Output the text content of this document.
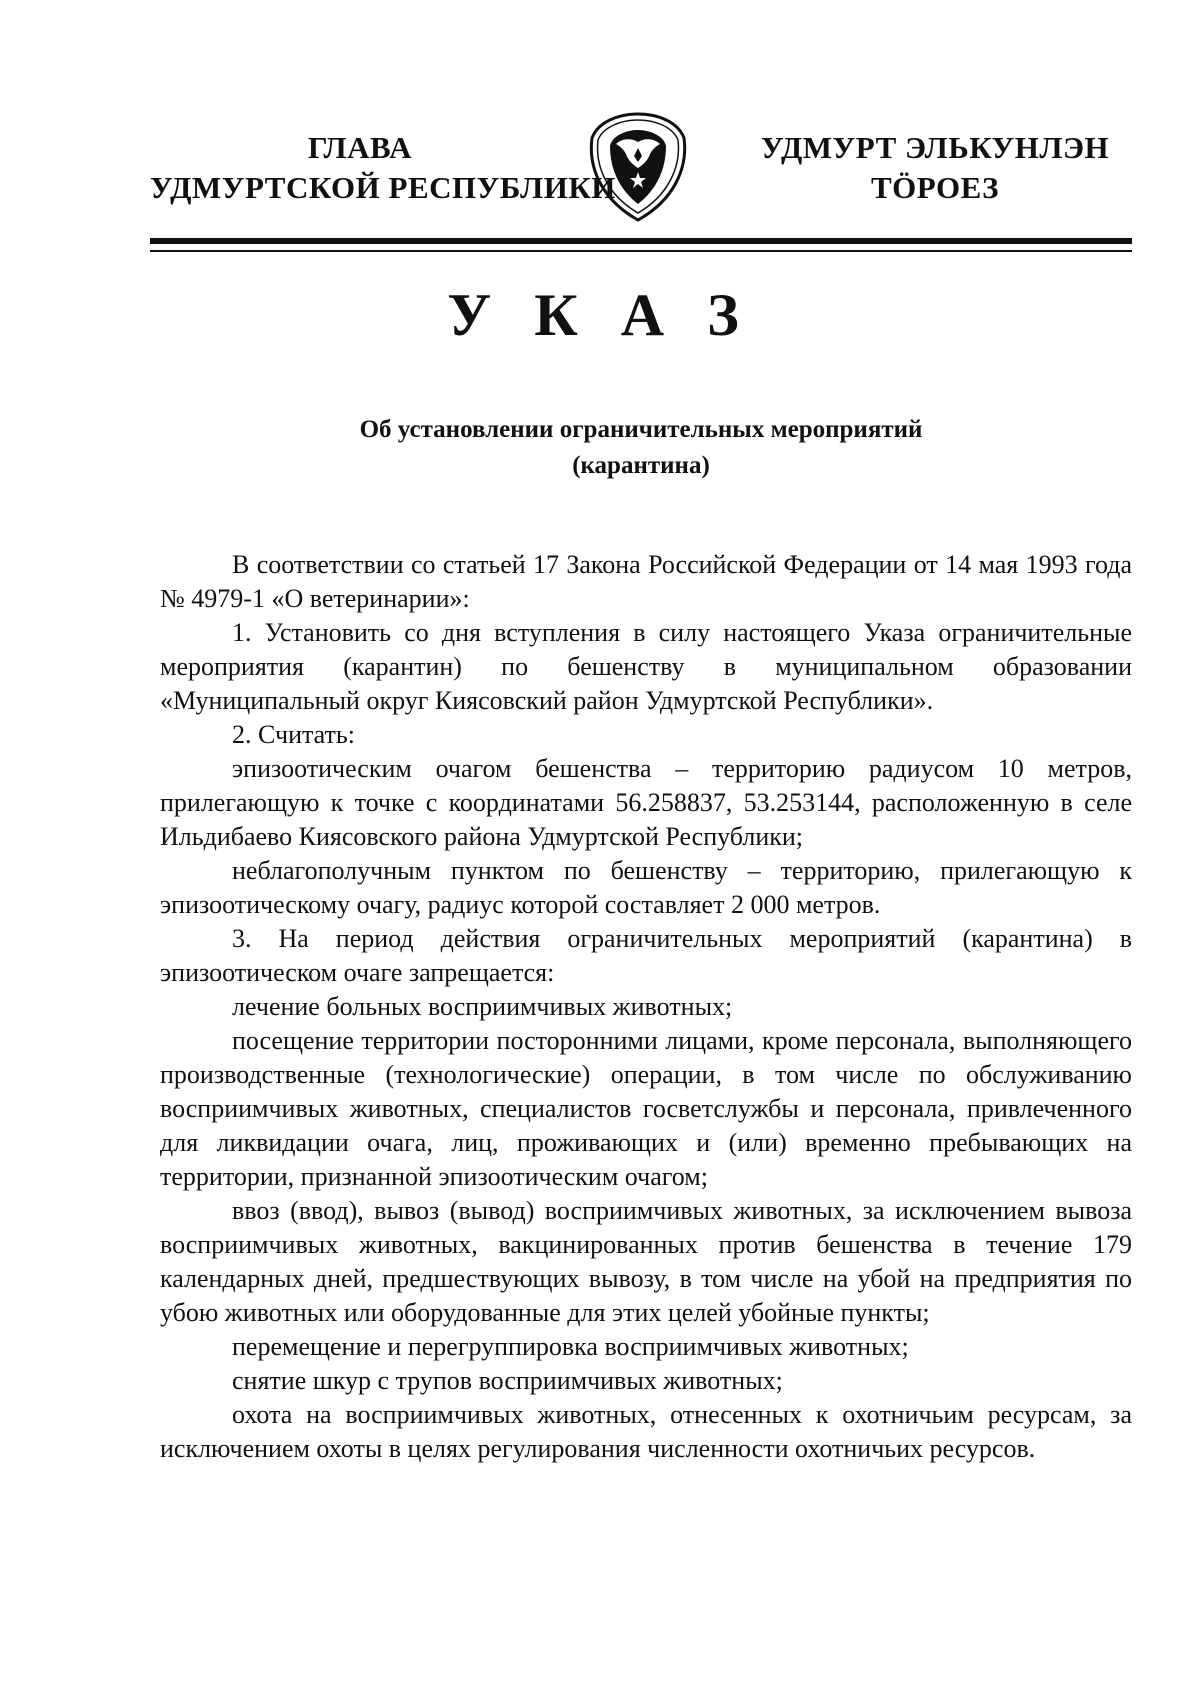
ГЛАВА
УДМУРТСКОЙ РЕСПУБЛИКИ
УДМУРТ ЭЛЬКУНЛЭН
ТӦРОЕЗ
У К А З
Об установлении ограничительных мероприятий
(карантина)

В соответствии со статьей 17 Закона Российской Федерации от 14 мая 1993 года № 4979-1 «О ветеринарии»:

1. Установить со дня вступления в силу настоящего Указа ограничительные мероприятия (карантин) по бешенству в муниципальном образовании «Муниципальный округ Киясовский район Удмуртской Республики».

2. Считать:

эпизоотическим очагом бешенства – территорию радиусом 10 метров, прилегающую к точке с координатами 56.258837, 53.253144, расположенную в селе Ильдибаево Киясовского района Удмуртской Республики;

неблагополучным пунктом по бешенству – территорию, прилегающую к эпизоотическому очагу, радиус которой составляет 2 000 метров.

3. На период действия ограничительных мероприятий (карантина) в эпизоотическом очаге запрещается:

лечение больных восприимчивых животных;

посещение территории посторонними лицами, кроме персонала, выполняющего производственные (технологические) операции, в том числе по обслуживанию восприимчивых животных, специалистов госветслужбы и персонала, привлеченного для ликвидации очага, лиц, проживающих и (или) временно пребывающих на территории, признанной эпизоотическим очагом;

ввоз (ввод), вывоз (вывод) восприимчивых животных, за исключением вывоза восприимчивых животных, вакцинированных против бешенства в течение 179 календарных дней, предшествующих вывозу, в том числе на убой на предприятия по убою животных или оборудованные для этих целей убойные пункты;

перемещение и перегруппировка восприимчивых животных;

снятие шкур с трупов восприимчивых животных;

охота на восприимчивых животных, отнесенных к охотничьим ресурсам, за исключением охоты в целях регулирования численности охотничьих ресурсов.
